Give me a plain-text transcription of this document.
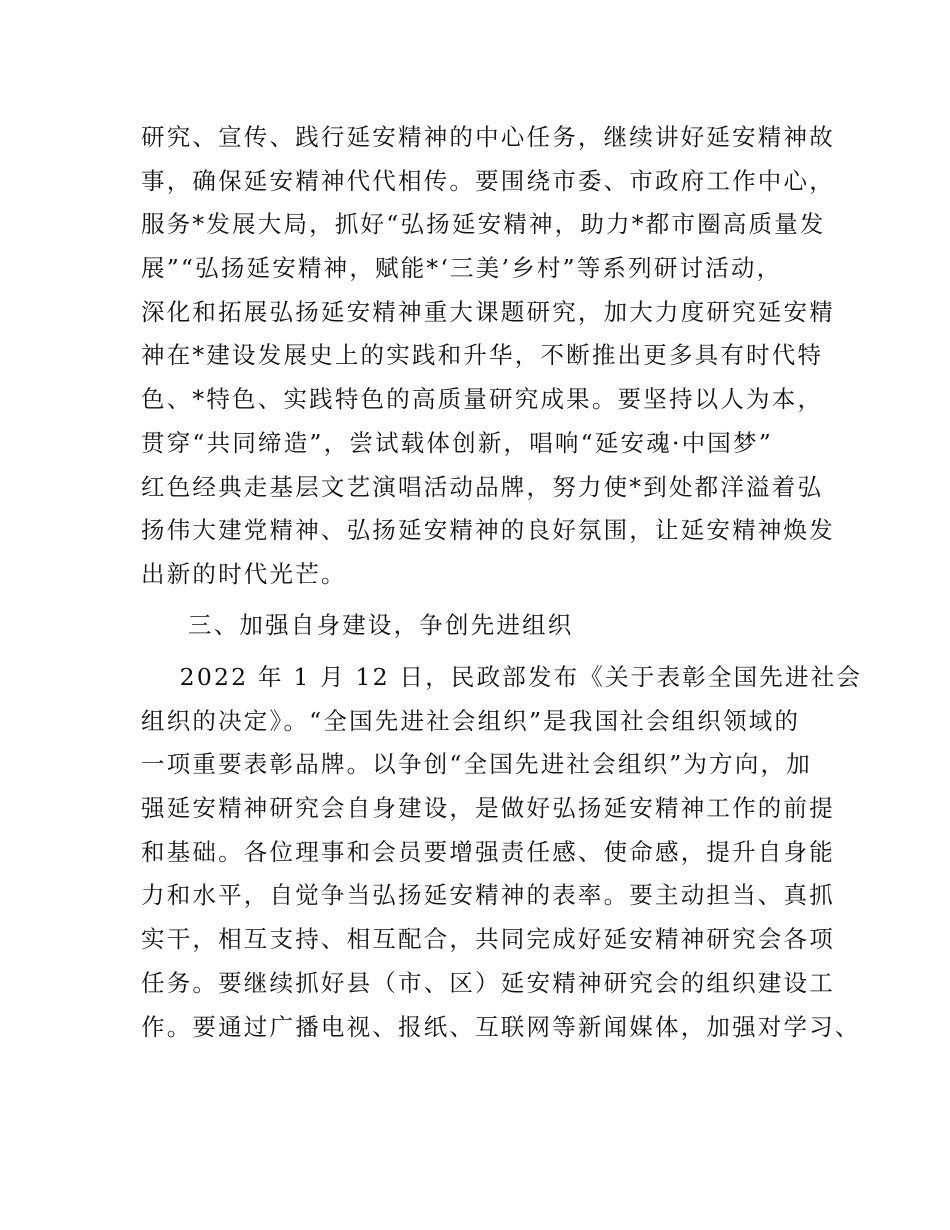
研究、宣传、践行延安精神的中心任务，继续讲好延安精神故
事，确保延安精神代代相传。要围绕市委、市政府工作中心，
服务*发展大局，抓好“弘扬延安精神，助力*都市圈高质量发
展”“弘扬延安精神，赋能*‘三美’乡村”等系列研讨活动，
深化和拓展弘扬延安精神重大课题研究，加大力度研究延安精
神在*建设发展史上的实践和升华，不断推出更多具有时代特
色、*特色、实践特色的高质量研究成果。要坚持以人为本，
贯穿“共同缔造”，尝试载体创新，唱响“延安魂·中国梦”
红色经典走基层文艺演唱活动品牌，努力使*到处都洋溢着弘
扬伟大建党精神、弘扬延安精神的良好氛围，让延安精神焕发
出新的时代光芒。
三、加强自身建设，争创先进组织
2022 年 1 月 12 日，民政部发布《关于表彰全国先进社会
组织的决定》。“全国先进社会组织”是我国社会组织领域的
一项重要表彰品牌。以争创“全国先进社会组织”为方向，加
强延安精神研究会自身建设，是做好弘扬延安精神工作的前提
和基础。各位理事和会员要增强责任感、使命感，提升自身能
力和水平，自觉争当弘扬延安精神的表率。要主动担当、真抓
实干，相互支持、相互配合，共同完成好延安精神研究会各项
任务。要继续抓好县（市、区）延安精神研究会的组织建设工
作。要通过广播电视、报纸、互联网等新闻媒体，加强对学习、
